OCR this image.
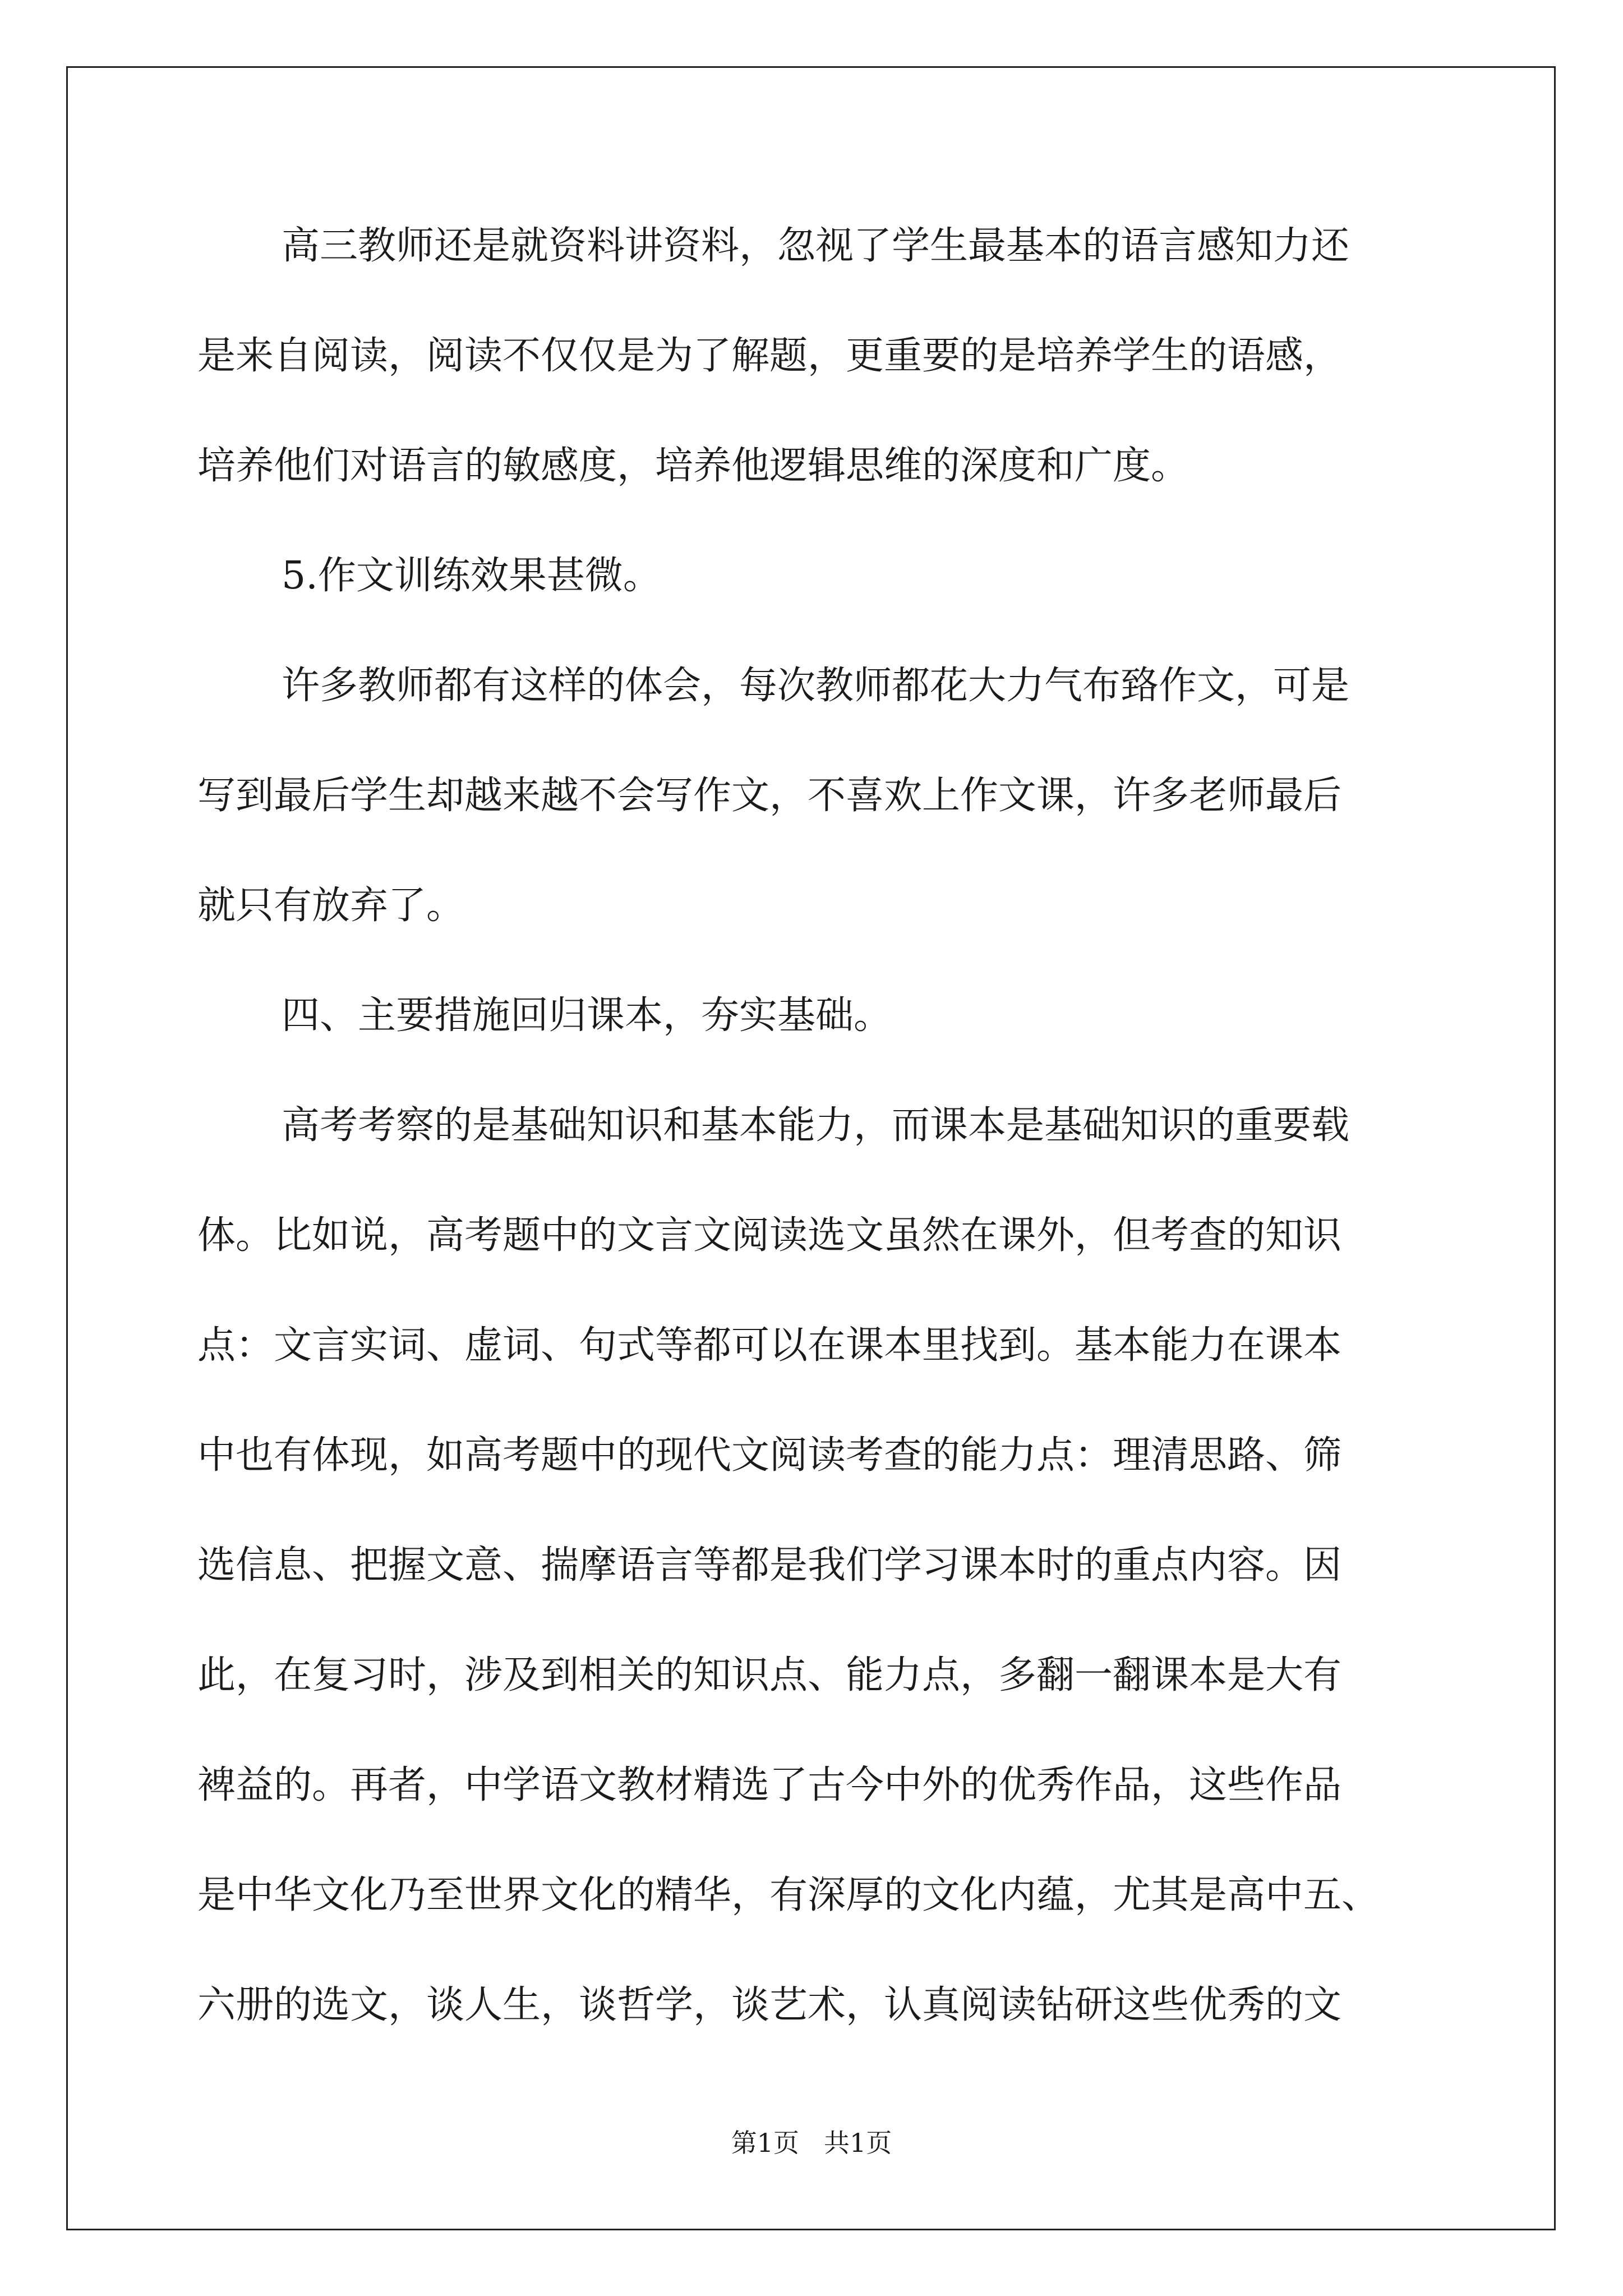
高三教师还是就资料讲资料，忽视了学生最基本的语言感知力还
是来自阅读，阅读不仅仅是为了解题，更重要的是培养学生的语感，
培养他们对语言的敏感度，培养他逻辑思维的深度和广度。
5.作文训练效果甚微。
许多教师都有这样的体会，每次教师都花大力气布臵作文，可是
写到最后学生却越来越不会写作文，不喜欢上作文课，许多老师最后
就只有放弃了。
四、主要措施回归课本，夯实基础。
高考考察的是基础知识和基本能力，而课本是基础知识的重要载
体。比如说，高考题中的文言文阅读选文虽然在课外，但考查的知识
点：文言实词、虚词、句式等都可以在课本里找到。基本能力在课本
中也有体现，如高考题中的现代文阅读考查的能力点：理清思路、筛
选信息、把握文意、揣摩语言等都是我们学习课本时的重点内容。因
此，在复习时，涉及到相关的知识点、能力点，多翻一翻课本是大有
裨益的。再者，中学语文教材精选了古今中外的优秀作品，这些作品
是中华文化乃至世界文化的精华，有深厚的文化内蕴，尤其是高中五、
六册的选文，谈人生，谈哲学，谈艺术，认真阅读钻研这些优秀的文
第1页 共1页
